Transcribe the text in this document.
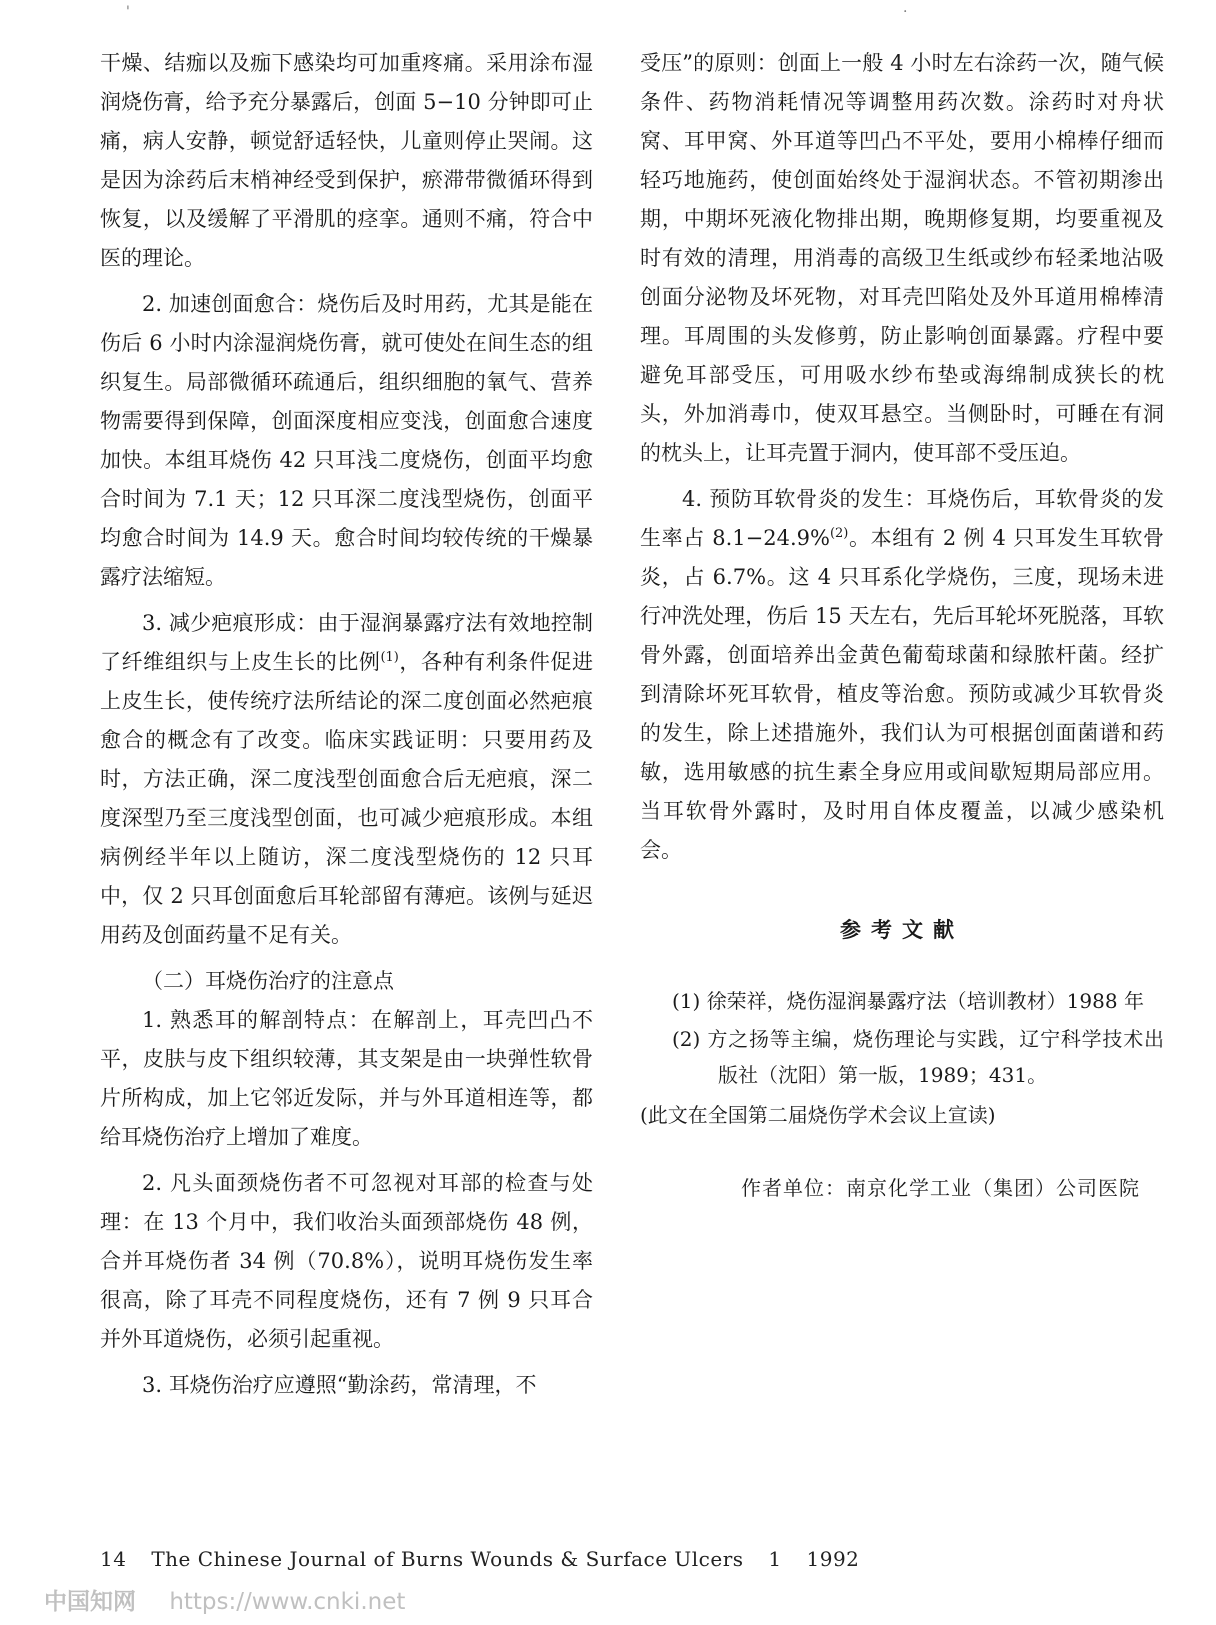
'	·

干燥、结痂以及痂下感染均可加重疼痛。采用涂布湿润烧伤膏，给予充分暴露后，创面 5−10 分钟即可止痛，病人安静，顿觉舒适轻快，儿童则停止哭闹。这是因为涂药后末梢神经受到保护，瘀滞带微循环得到恢复，以及缓解了平滑肌的痉挛。通则不痛，符合中医的理论。

2. 加速创面愈合：烧伤后及时用药，尤其是能在伤后 6 小时内涂湿润烧伤膏，就可使处在间生态的组织复生。局部微循环疏通后，组织细胞的氧气、营养物需要得到保障，创面深度相应变浅，创面愈合速度加快。本组耳烧伤 42 只耳浅二度烧伤，创面平均愈合时间为 7.1 天；12 只耳深二度浅型烧伤，创面平均愈合时间为 14.9 天。愈合时间均较传统的干燥暴露疗法缩短。

3. 减少疤痕形成：由于湿润暴露疗法有效地控制了纤维组织与上皮生长的比例$^{(1)}$，各种有利条件促进上皮生长，使传统疗法所结论的深二度创面必然疤痕愈合的概念有了改变。临床实践证明：只要用药及时，方法正确，深二度浅型创面愈合后无疤痕，深二度深型乃至三度浅型创面，也可减少疤痕形成。本组病例经半年以上随访，深二度浅型烧伤的 12 只耳中，仅 2 只耳创面愈后耳轮部留有薄疤。该例与延迟用药及创面药量不足有关。

（二）耳烧伤治疗的注意点

1. 熟悉耳的解剖特点：在解剖上，耳壳凹凸不平，皮肤与皮下组织较薄，其支架是由一块弹性软骨片所构成，加上它邻近发际，并与外耳道相连等，都给耳烧伤治疗上增加了难度。

2. 凡头面颈烧伤者不可忽视对耳部的检查与处理：在 13 个月中，我们收治头面颈部烧伤 48 例，合并耳烧伤者 34 例（70.8%），说明耳烧伤发生率很高，除了耳壳不同程度烧伤，还有 7 例 9 只耳合并外耳道烧伤，必须引起重视。

3. 耳烧伤治疗应遵照“勤涂药，常清理，不

受压”的原则：创面上一般 4 小时左右涂药一次，随气候条件、药物消耗情况等调整用药次数。涂药时对舟状窝、耳甲窝、外耳道等凹凸不平处，要用小棉棒仔细而轻巧地施药，使创面始终处于湿润状态。不管初期渗出期，中期坏死液化物排出期，晚期修复期，均要重视及时有效的清理，用消毒的高级卫生纸或纱布轻柔地沾吸创面分泌物及坏死物，对耳壳凹陷处及外耳道用棉棒清理。耳周围的头发修剪，防止影响创面暴露。疗程中要避免耳部受压，可用吸水纱布垫或海绵制成狭长的枕头，外加消毒巾，使双耳悬空。当侧卧时，可睡在有洞的枕头上，让耳壳置于洞内，使耳部不受压迫。

4. 预防耳软骨炎的发生：耳烧伤后，耳软骨炎的发生率占 8.1−24.9%$^{(2)}$。本组有 2 例 4 只耳发生耳软骨炎，占 6.7%。这 4 只耳系化学烧伤，三度，现场未进行冲洗处理，伤后 15 天左右，先后耳轮坏死脱落，耳软骨外露，创面培养出金黄色葡萄球菌和绿脓杆菌。经扩到清除坏死耳软骨，植皮等治愈。预防或减少耳软骨炎的发生，除上述措施外，我们认为可根据创面菌谱和药敏，选用敏感的抗生素全身应用或间歇短期局部应用。当耳软骨外露时，及时用自体皮覆盖，以减少感染机会。

参考文献

(1) 徐荣祥，烧伤湿润暴露疗法（培训教材）1988 年

(2) 方之扬等主编，烧伤理论与实践，辽宁科学技术出版社（沈阳）第一版，1989；431。

(此文在全国第二届烧伤学术会议上宣读)

作者单位：南京化学工业（集团）公司医院

14 The Chinese Journal of Burns Wounds & Surface Ulcers 1 1992
中国知网 https://www.cnki.net
